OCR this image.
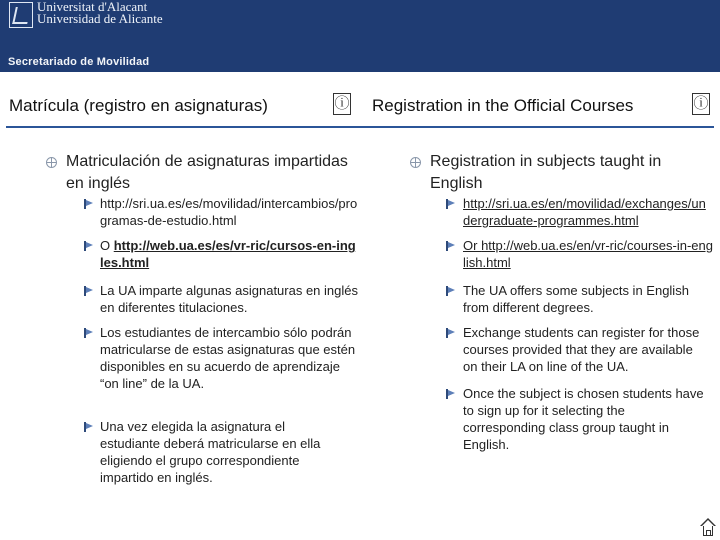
Universitat d'Alacant
Universidad de Alicante
Secretariado de Movilidad
Matrícula (registro en asignaturas)	ⓘ Registration in the Official Courses	ⓘ
Matriculación de asignaturas impartidas en inglés
http://sri.ua.es/es/movilidad/intercambios/programas-de-estudio.html
O http://web.ua.es/es/vr-ric/cursos-en-ingles.html
La UA imparte algunas asignaturas en inglés en diferentes titulaciones.
Los estudiantes de intercambio sólo podrán matricularse de estas asignaturas que estén disponibles en su acuerdo de aprendizaje “on line” de la UA.
Una vez elegida la asignatura el estudiante deberá matricularse en ella eligiendo el grupo correspondiente impartido en inglés.
Registration in subjects taught in English
http://sri.ua.es/en/movilidad/exchanges/undergraduate-programmes.html
Or http://web.ua.es/en/vr-ric/courses-in-english.html
The UA offers some subjects in English from different degrees.
Exchange students can register for those courses provided that they are available on their LA on line of the UA.
Once the subject is chosen students have to sign up for it selecting the corresponding class group taught in English.
